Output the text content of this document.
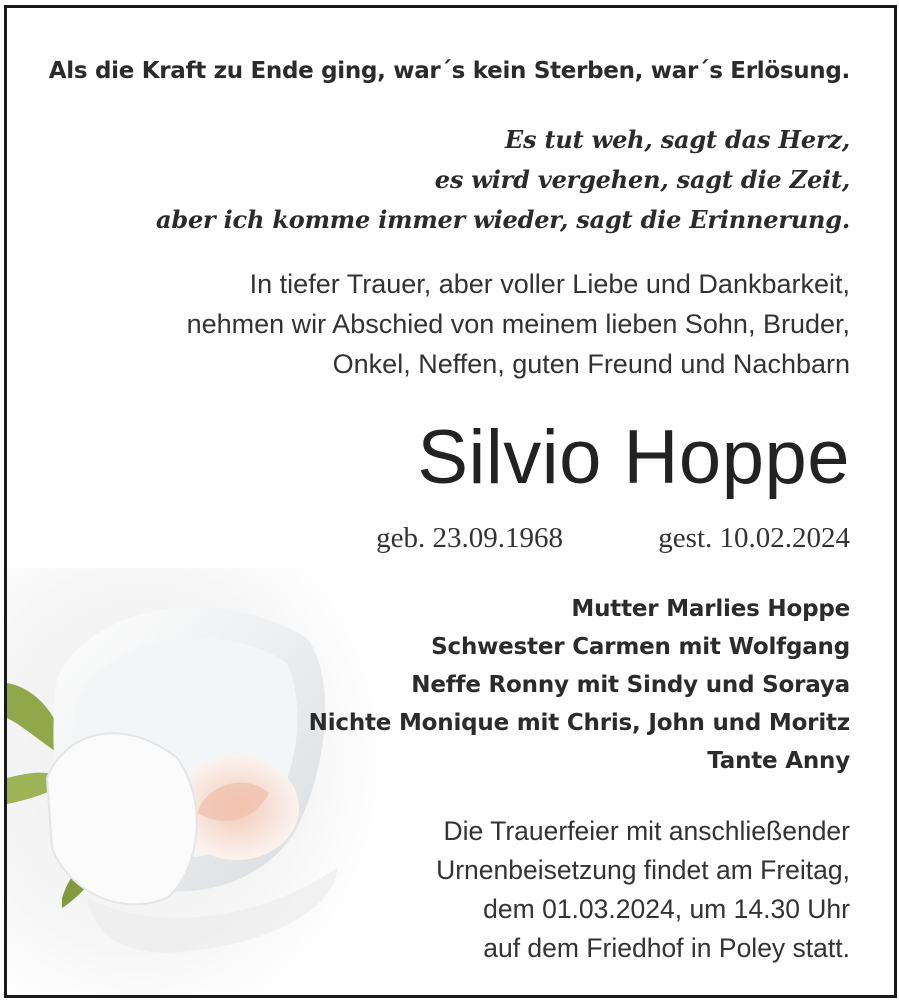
Als die Kraft zu Ende ging, war´s kein Sterben, war´s Erlösung.
Es tut weh, sagt das Herz,
es wird vergehen, sagt die Zeit,
aber ich komme immer wieder, sagt die Erinnerung.
In tiefer Trauer, aber voller Liebe und Dankbarkeit,
nehmen wir Abschied von meinem lieben Sohn, Bruder,
Onkel, Neffen, guten Freund und Nachbarn
Silvio Hoppe
geb. 23.09.1968	gest. 10.02.2024
Mutter Marlies Hoppe
Schwester Carmen mit Wolfgang
Neffe Ronny mit Sindy und Soraya
Nichte Monique mit Chris, John und Moritz
Tante Anny
Die Trauerfeier mit anschließender
Urnenbeisetzung findet am Freitag,
dem 01.03.2024, um 14.30 Uhr
auf dem Friedhof in Poley statt.
